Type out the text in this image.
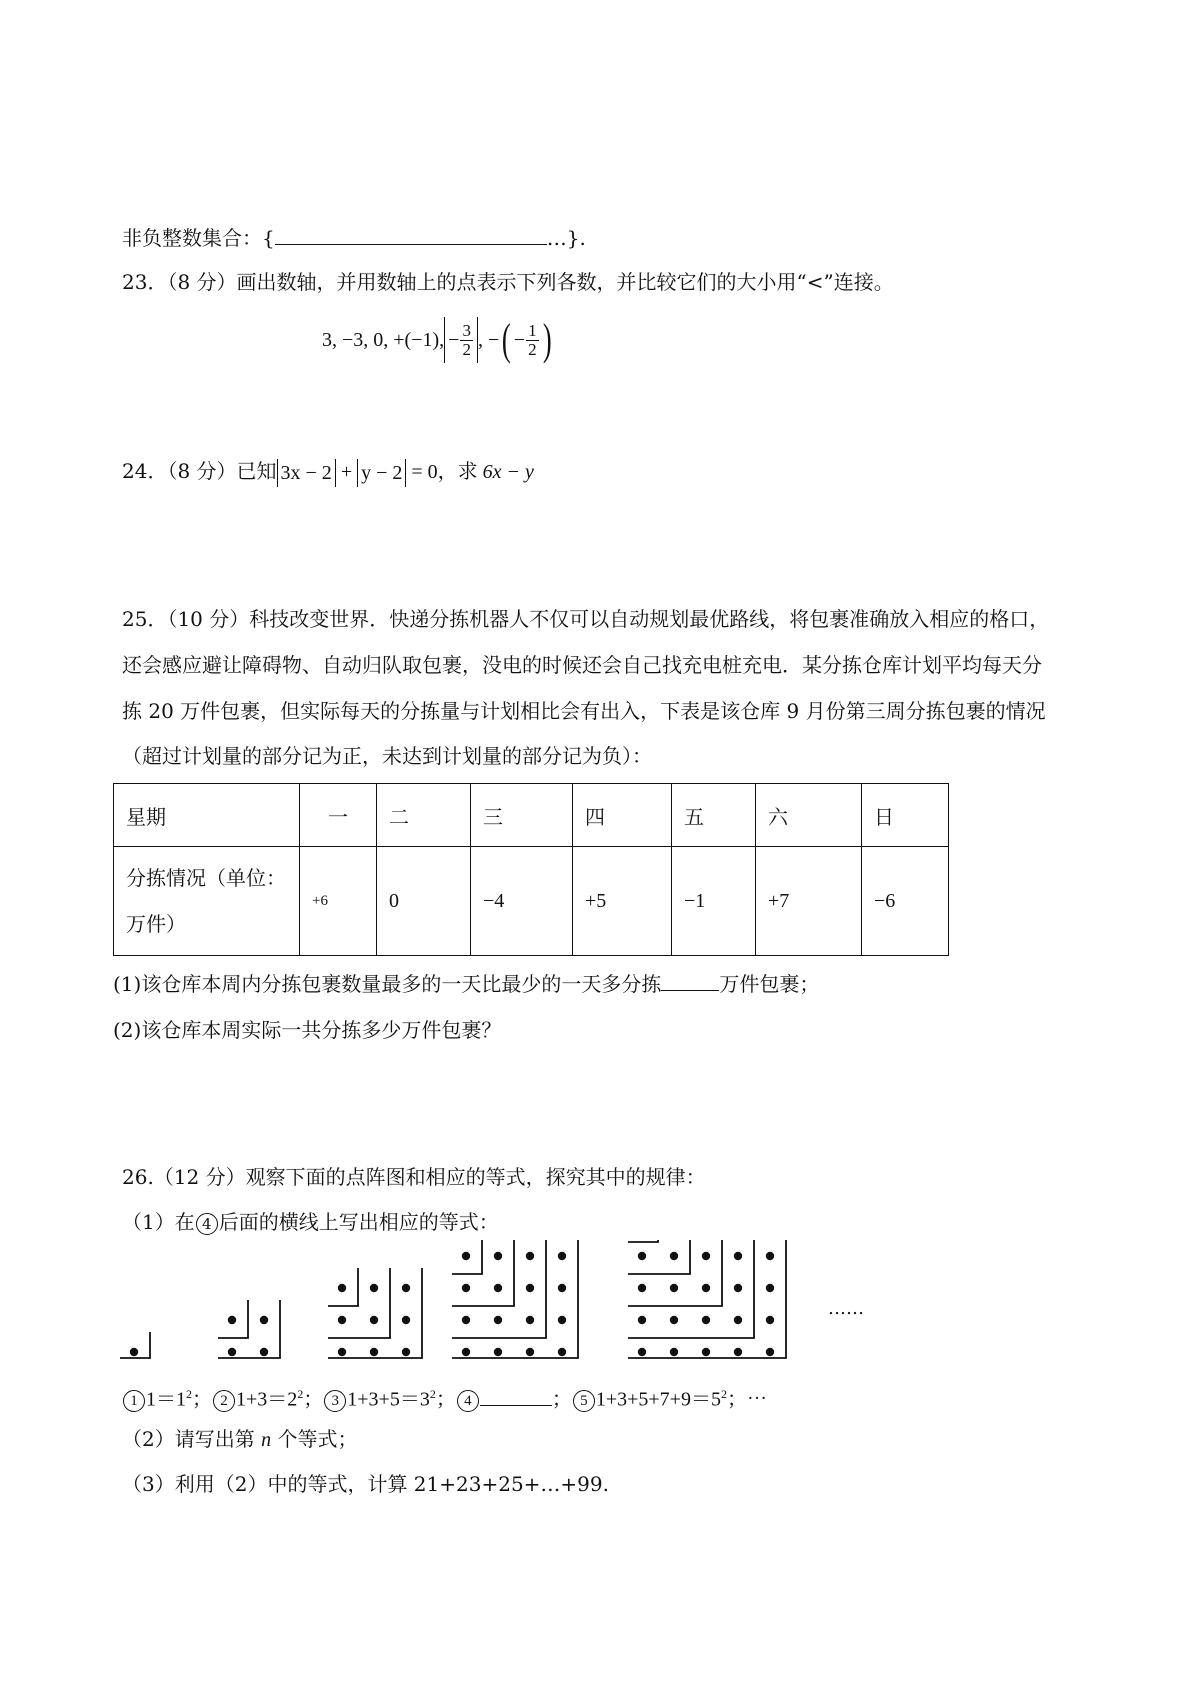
非负整数集合：{	…}.
23．（8 分）画出数轴，并用数轴上的点表示下列各数，并比较它们的大小用“<”连接。
3, −3, 0, +(−1), − $\frac{3}{2}$ , − ( − $\frac{1}{2}$ )
24．（8 分）已知 3x − 2 + y − 2 = 0，求 6x − y
25．（10 分）科技改变世界．快递分拣机器人不仅可以自动规划最优路线，将包裹准确放入相应的格口，
还会感应避让障碍物、自动归队取包裹，没电的时候还会自己找充电桩充电．某分拣仓库计划平均每天分
拣 20 万件包裹，但实际每天的分拣量与计划相比会有出入，下表是该仓库 9 月份第三周分拣包裹的情况
（超过计划量的部分记为正，未达到计划量的部分记为负）：
星期	一	二	三	四	五	六	日

分拣情况（单位：
万件）	+6	0	−4	+5	−1	+7	−6
(1)该仓库本周内分拣包裹数量最多的一天比最少的一天多分拣	万件包裹；
(2)该仓库本周实际一共分拣多少万件包裹？
26.（12 分）观察下面的点阵图和相应的等式，探究其中的规律：
（1）在 4 后面的横线上写出相应的等式：
……
1 $1=1^2$； 2 $1+3=2^2$； 3 $1+3+5=3^2$； 4	； 5 $1+3+5+7+9=5^2$；⋯
（2）请写出第 n 个等式；
（3）利用（2）中的等式，计算 21+23+25+…+99.
